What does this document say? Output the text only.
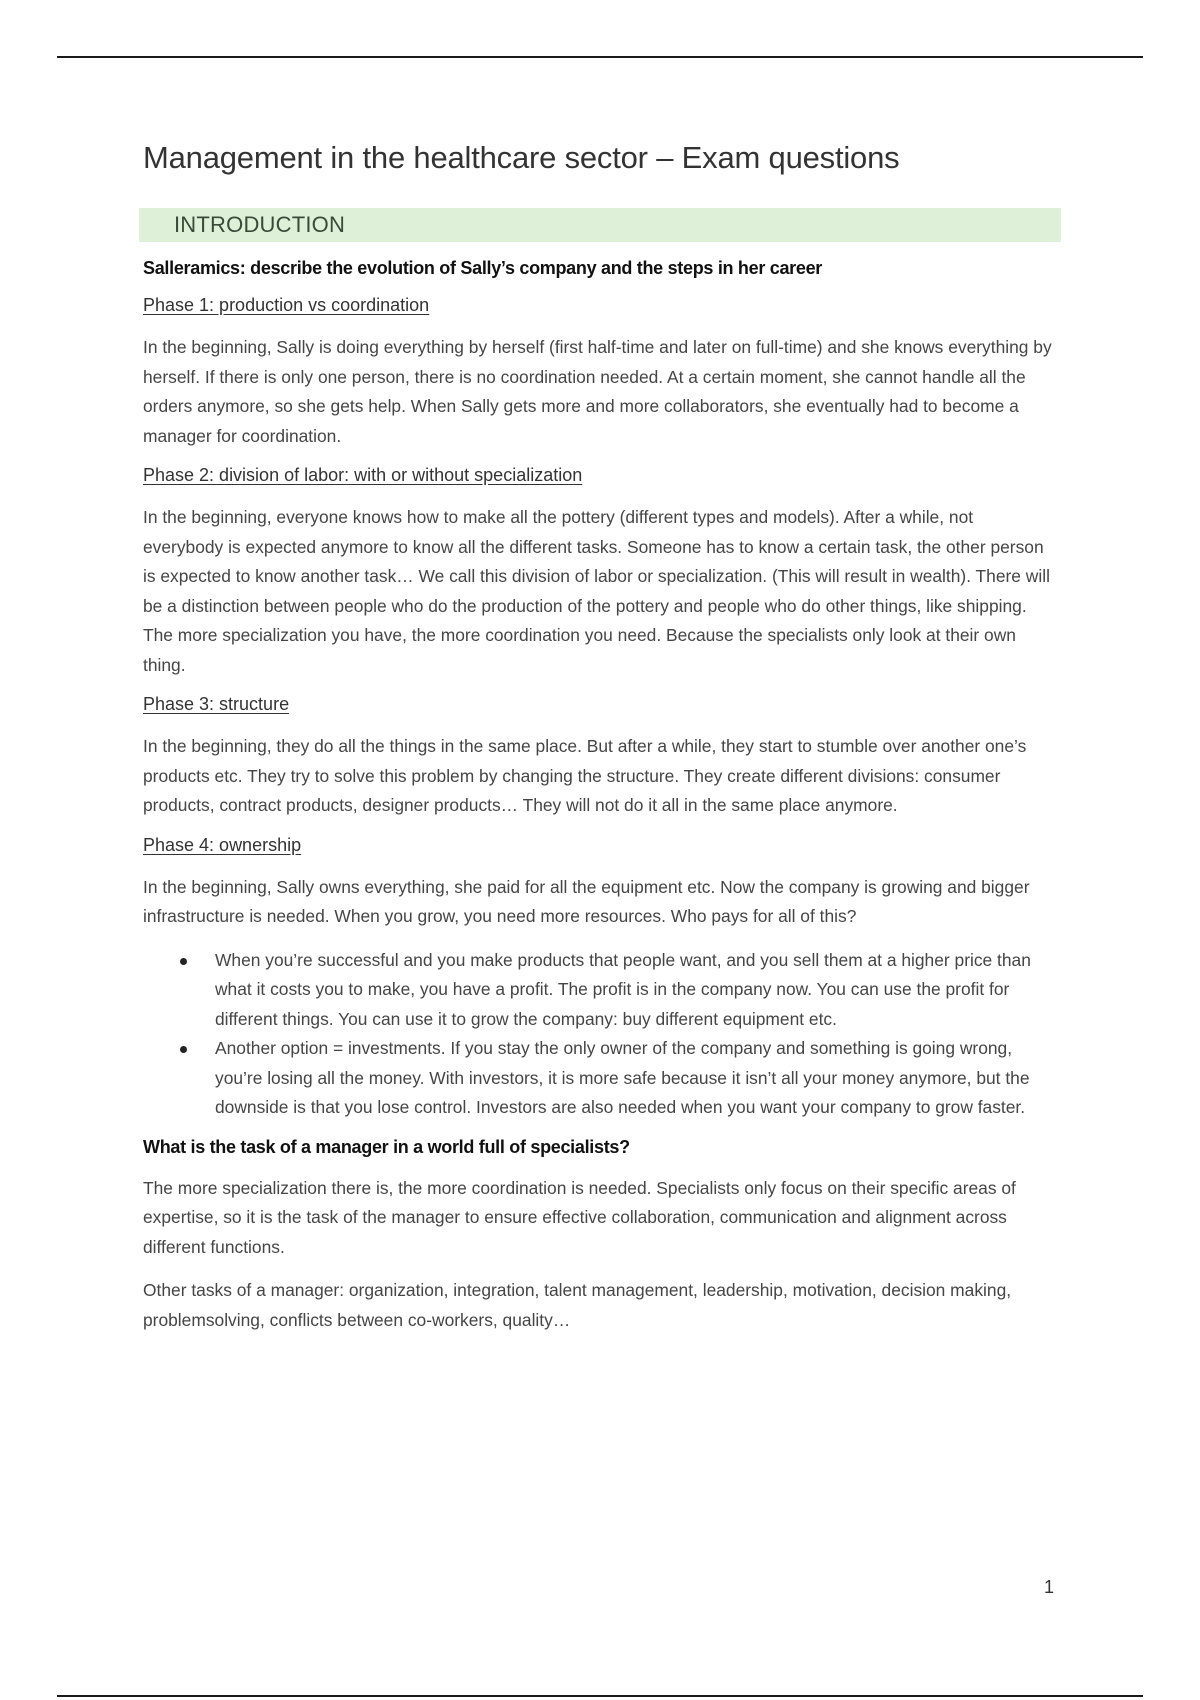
Management in the healthcare sector – Exam questions
INTRODUCTION

Salleramics: describe the evolution of Sally’s company and the steps in her career

Phase 1: production vs coordination

In the beginning, Sally is doing everything by herself (first half-time and later on full-time) and she knows everything by herself. If there is only one person, there is no coordination needed. At a certain moment, she cannot handle all the orders anymore, so she gets help. When Sally gets more and more collaborators, she eventually had to become a manager for coordination.

Phase 2: division of labor: with or without specialization

In the beginning, everyone knows how to make all the pottery (different types and models). After a while, not everybody is expected anymore to know all the different tasks. Someone has to know a certain task, the other person is expected to know another task… We call this division of labor or specialization. (This will result in wealth). There will be a distinction between people who do the production of the pottery and people who do other things, like shipping. The more specialization you have, the more coordination you need. Because the specialists only look at their own thing.

Phase 3: structure

In the beginning, they do all the things in the same place. But after a while, they start to stumble over another one’s products etc. They try to solve this problem by changing the structure. They create different divisions: consumer products, contract products, designer products… They will not do it all in the same place anymore.

Phase 4: ownership

In the beginning, Sally owns everything, she paid for all the equipment etc. Now the company is growing and bigger infrastructure is needed. When you grow, you need more resources. Who pays for all of this?

When you’re successful and you make products that people want, and you sell them at a higher price than what it costs you to make, you have a profit. The profit is in the company now. You can use the profit for different things. You can use it to grow the company: buy different equipment etc.
Another option = investments. If you stay the only owner of the company and something is going wrong, you’re losing all the money. With investors, it is more safe because it isn’t all your money anymore, but the downside is that you lose control. Investors are also needed when you want your company to grow faster.

What is the task of a manager in a world full of specialists?

The more specialization there is, the more coordination is needed. Specialists only focus on their specific areas of expertise, so it is the task of the manager to ensure effective collaboration, communication and alignment across different functions.

Other tasks of a manager: organization, integration, talent management, leadership, motivation, decision making, problemsolving, conflicts between co-workers, quality…

1
